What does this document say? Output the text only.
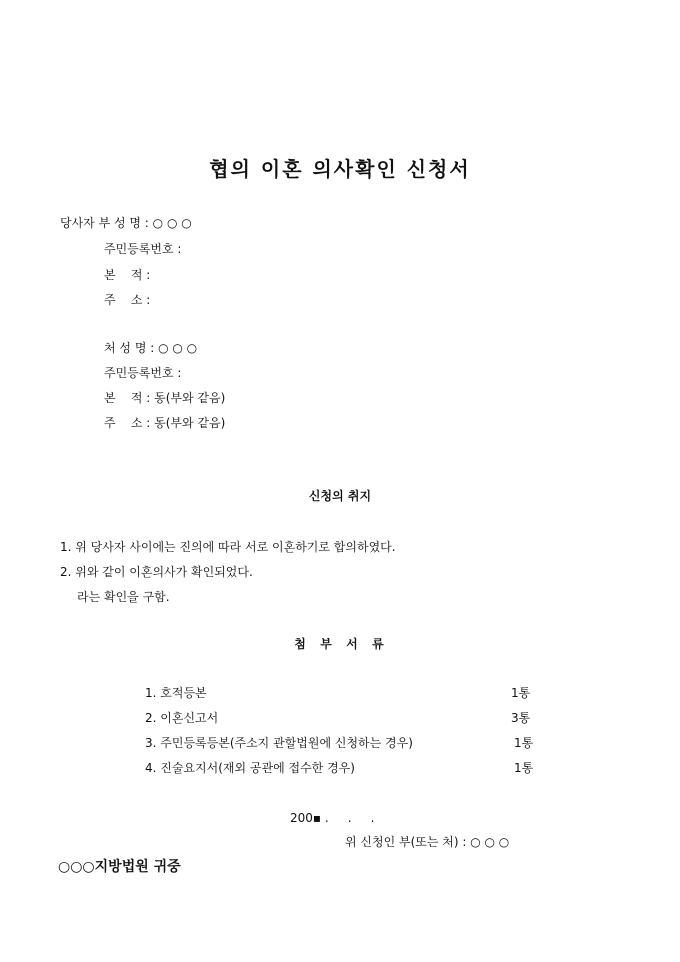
협의 이혼 의사확인 신청서
당사자 부 성 명 : ○ ○ ○
주민등록번호 :
본    적 :
주    소 :
처 성 명 : ○ ○ ○
주민등록번호 :
본    적 : 동(부와 같음)
주    소 : 동(부와 같음)
신청의 취지
1. 위 당사자 사이에는 진의에 따라 서로 이혼하기로 합의하였다.
2. 위와 같이 이혼의사가 확인되었다.
라는 확인을 구함.
첨  부  서  류
1. 호적등본	1통
2. 이혼신고서	3통
3. 주민등록등본(주소지 관할법원에 신청하는 경우)	1통
4. 진술요지서(재외 공관에 접수한 경우)	1통
200▪ .     .     .
위 신청인 부(또는 처) : ○ ○ ○
○○○지방법원 귀중
